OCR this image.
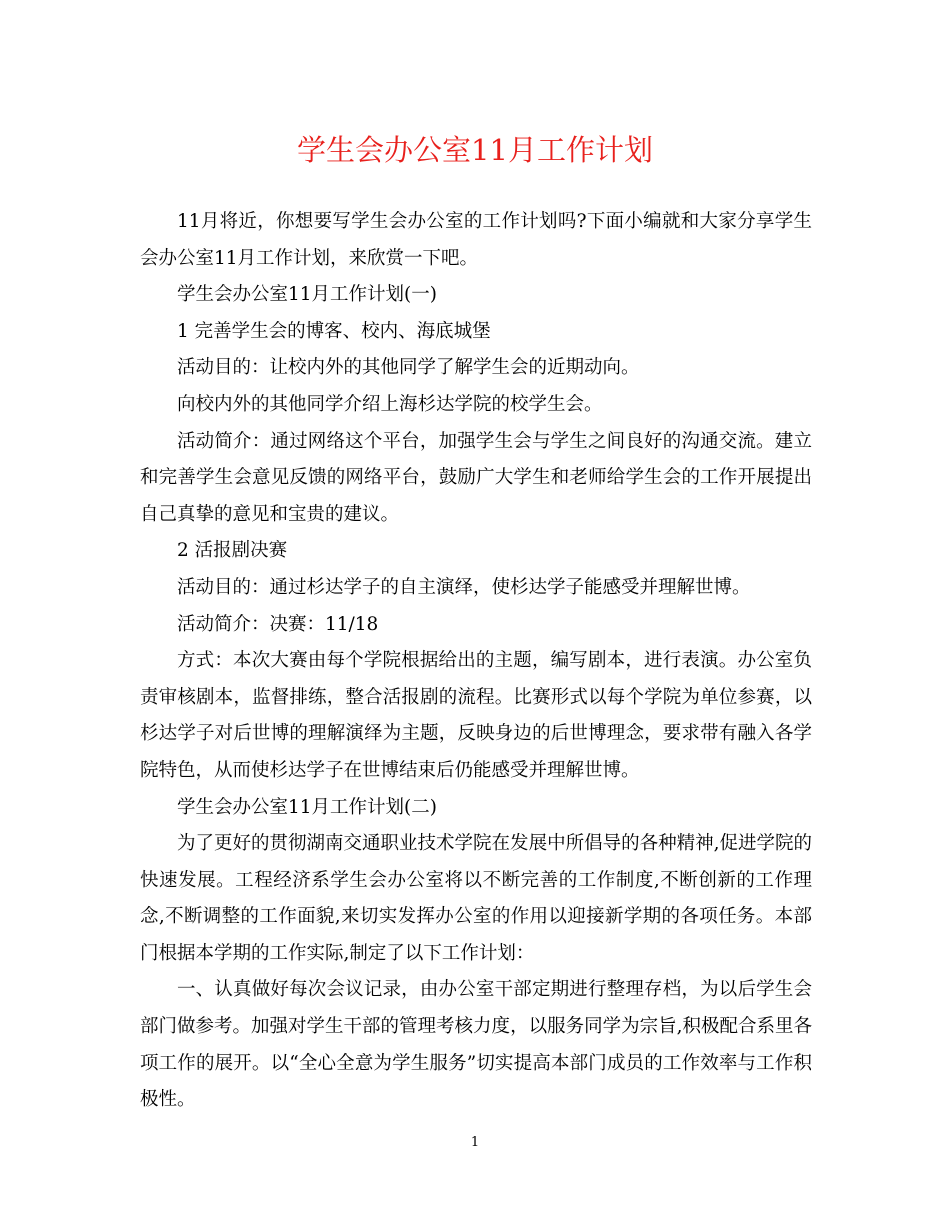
学生会办公室11月工作计划

11月将近，你想要写学生会办公室的工作计划吗?下面小编就和大家分享学生会办公室11月工作计划，来欣赏一下吧。

学生会办公室11月工作计划(一)

1 完善学生会的博客、校内、海底城堡

活动目的：让校内外的其他同学了解学生会的近期动向。

向校内外的其他同学介绍上海杉达学院的校学生会。

活动简介：通过网络这个平台，加强学生会与学生之间良好的沟通交流。建立和完善学生会意见反馈的网络平台，鼓励广大学生和老师给学生会的工作开展提出自己真挚的意见和宝贵的建议。

2 活报剧决赛

活动目的：通过杉达学子的自主演绎，使杉达学子能感受并理解世博。

活动简介：决赛：11/18

方式：本次大赛由每个学院根据给出的主题，编写剧本，进行表演。办公室负责审核剧本，监督排练，整合活报剧的流程。比赛形式以每个学院为单位参赛，以杉达学子对后世博的理解演绎为主题，反映身边的后世博理念，要求带有融入各学院特色，从而使杉达学子在世博结束后仍能感受并理解世博。

学生会办公室11月工作计划(二)

为了更好的贯彻湖南交通职业技术学院在发展中所倡导的各种精神,促进学院的快速发展。工程经济系学生会办公室将以不断完善的工作制度,不断创新的工作理念,不断调整的工作面貌,来切实发挥办公室的作用以迎接新学期的各项任务。本部门根据本学期的工作实际,制定了以下工作计划：

一、认真做好每次会议记录，由办公室干部定期进行整理存档，为以后学生会部门做参考。加强对学生干部的管理考核力度，以服务同学为宗旨,积极配合系里各项工作的展开。以“全心全意为学生服务”切实提高本部门成员的工作效率与工作积极性。

1
